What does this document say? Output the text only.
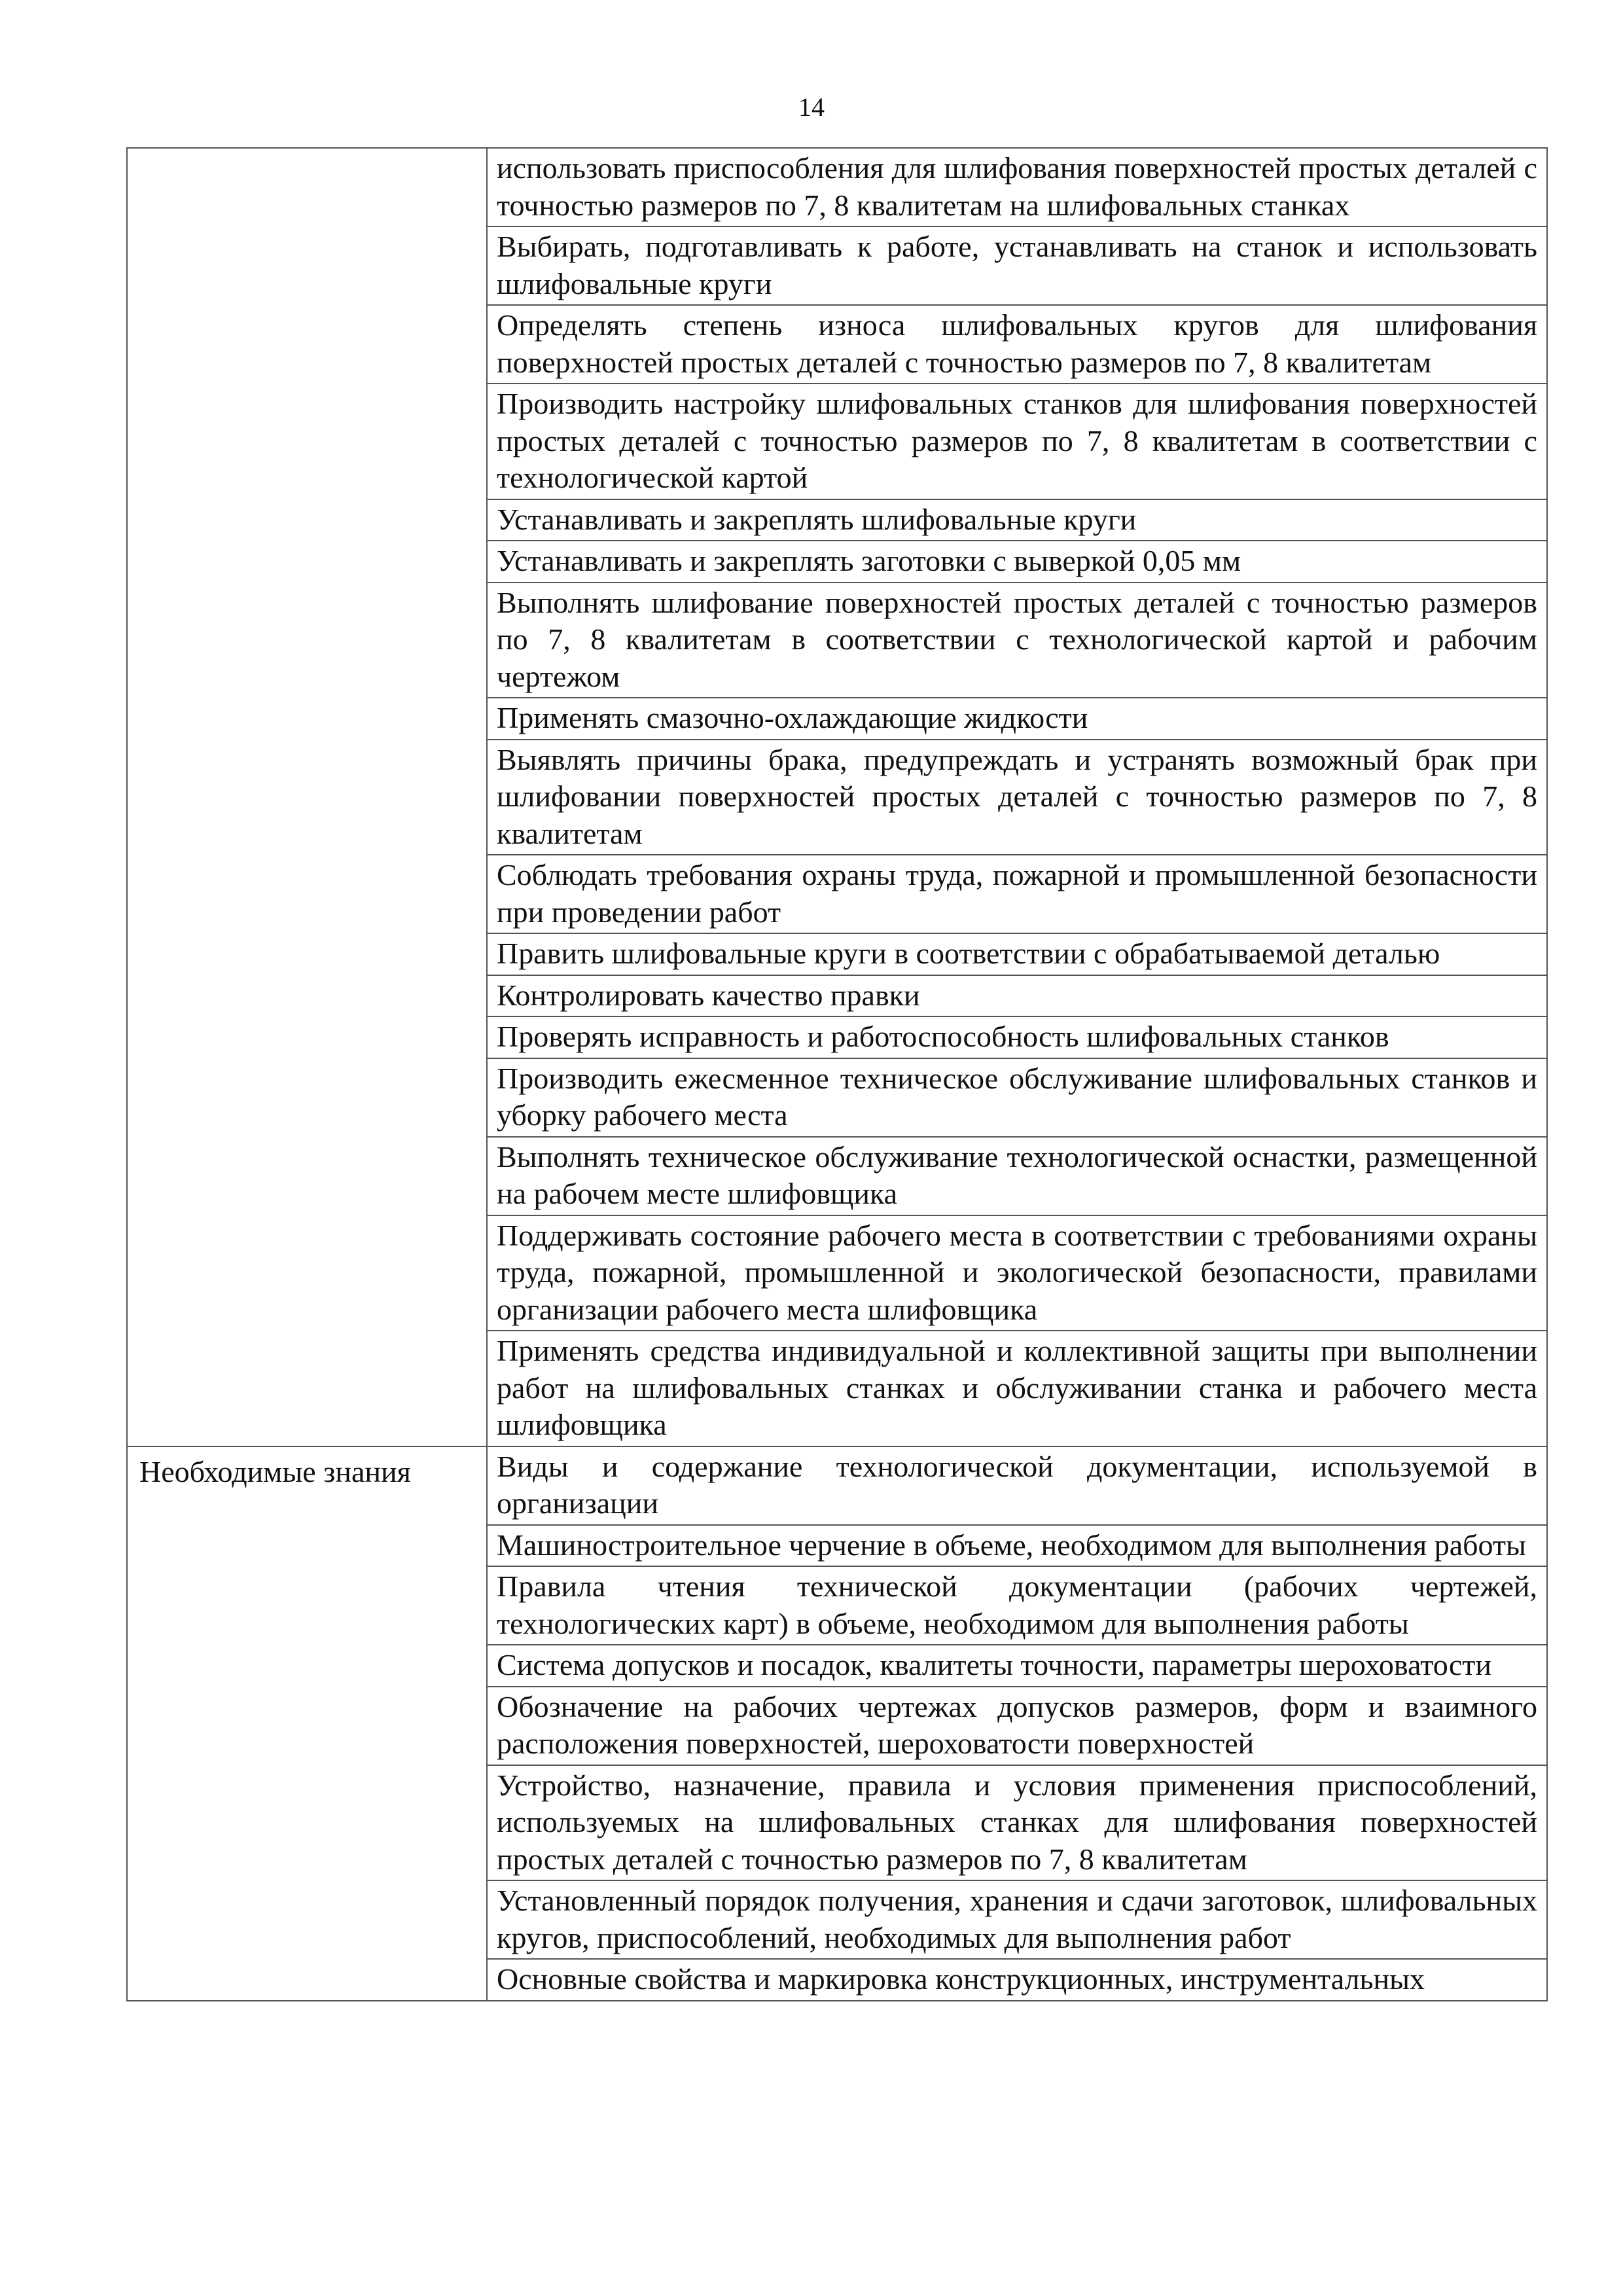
14

	использовать приспособления для шлифования поверхностей простых деталей с точностью размеров по 7, 8 квалитетам на шлифовальных станках

	Выбирать, подготавливать к работе, устанавливать на станок и использовать шлифовальные круги

	Определять степень износа шлифовальных кругов для шлифования поверхностей простых деталей с точностью размеров по 7, 8 квалитетам

	Производить настройку шлифовальных станков для шлифования поверхностей простых деталей с точностью размеров по 7, 8 квалитетам в соответствии с технологической картой

	Устанавливать и закреплять шлифовальные круги

	Устанавливать и закреплять заготовки с выверкой 0,05 мм

	Выполнять шлифование поверхностей простых деталей с точностью размеров по 7, 8 квалитетам в соответствии с технологической картой и рабочим чертежом

	Применять смазочно-охлаждающие жидкости

	Выявлять причины брака, предупреждать и устранять возможный брак при шлифовании поверхностей простых деталей с точностью размеров по 7, 8 квалитетам

	Соблюдать требования охраны труда, пожарной и промышленной безопасности при проведении работ

	Править шлифовальные круги в соответствии с обрабатываемой деталью

	Контролировать качество правки

	Проверять исправность и работоспособность шлифовальных станков

	Производить ежесменное техническое обслуживание шлифовальных станков и уборку рабочего места

	Выполнять техническое обслуживание технологической оснастки, размещенной на рабочем месте шлифовщика

	Поддерживать состояние рабочего места в соответствии с требованиями охраны труда, пожарной, промышленной и экологической безопасности, правилами организации рабочего места шлифовщика

	Применять средства индивидуальной и коллективной защиты при выполнении работ на шлифовальных станках и обслуживании станка и рабочего места шлифовщика

Необходимые знания	Виды и содержание технологической документации, используемой в организации

	Машиностроительное черчение в объеме, необходимом для выполнения работы

	Правила чтения технической документации (рабочих чертежей, технологических карт) в объеме, необходимом для выполнения работы

	Система допусков и посадок, квалитеты точности, параметры шероховатости

	Обозначение на рабочих чертежах допусков размеров, форм и взаимного расположения поверхностей, шероховатости поверхностей

	Устройство, назначение, правила и условия применения приспособлений, используемых на шлифовальных станках для шлифования поверхностей простых деталей с точностью размеров по 7, 8 квалитетам

	Установленный порядок получения, хранения и сдачи заготовок, шлифовальных кругов, приспособлений, необходимых для выполнения работ

	Основные свойства и маркировка конструкционных, инструментальных
